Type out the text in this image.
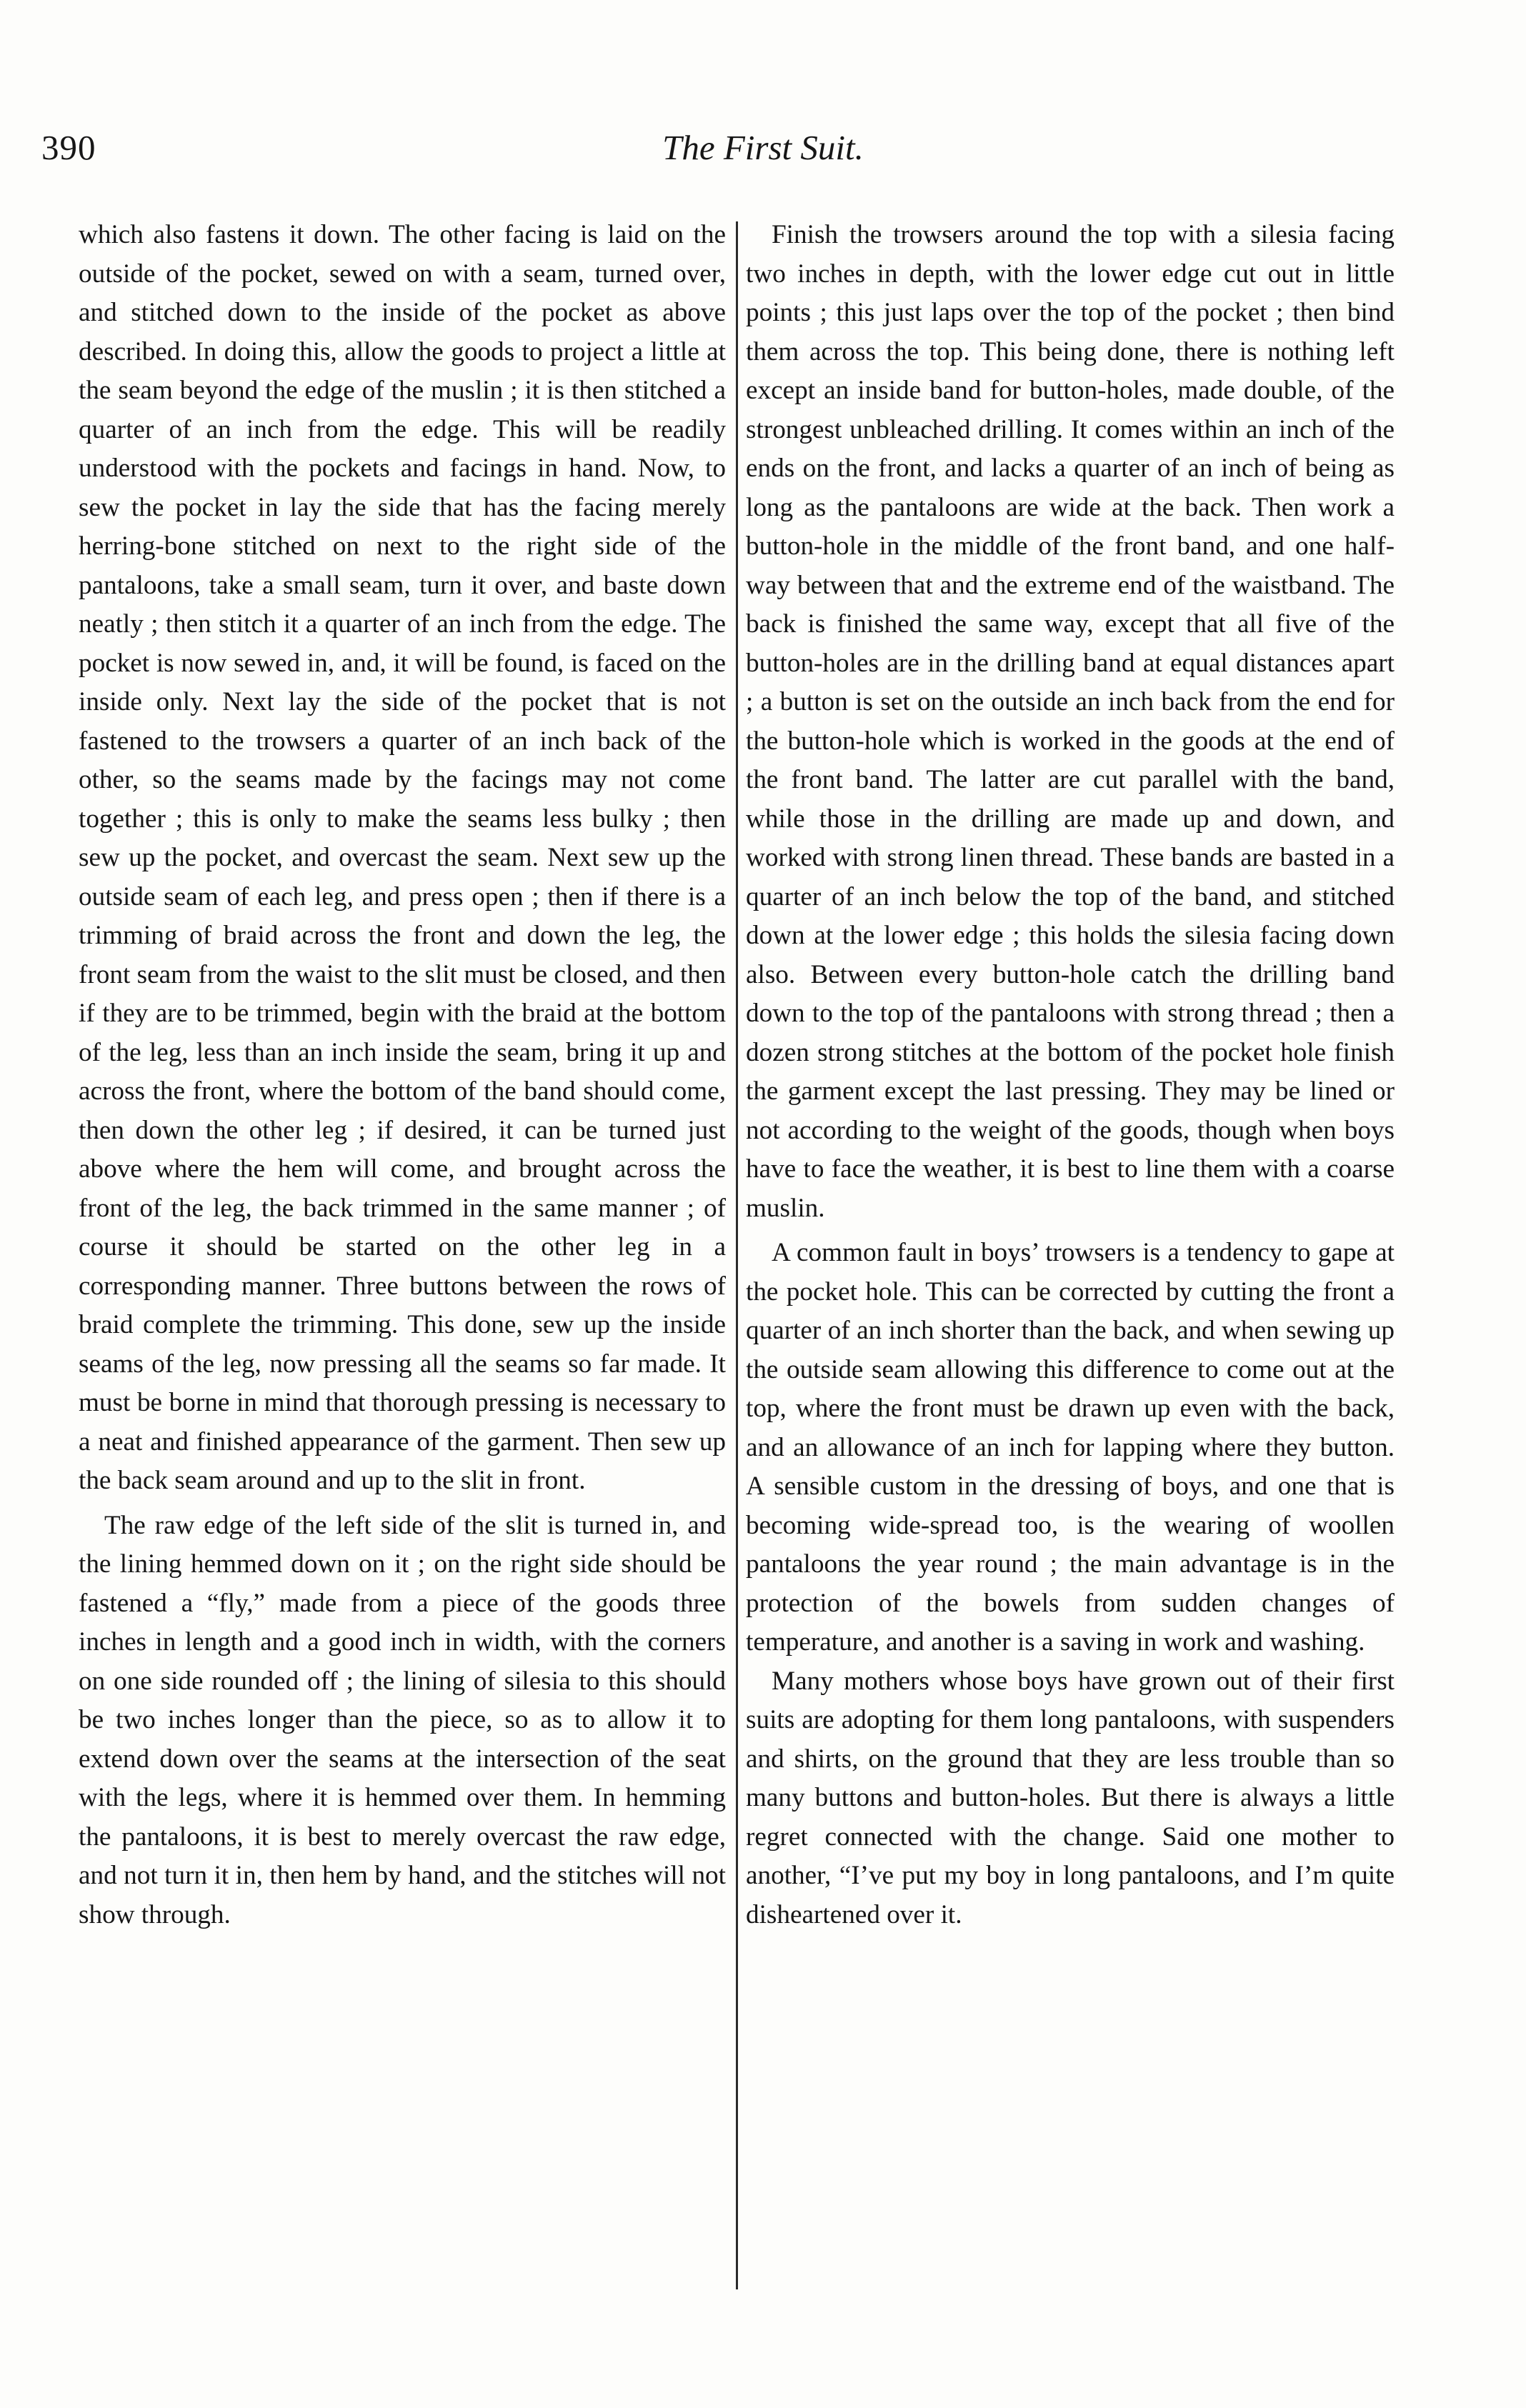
390	The First Suit.

which also fastens it down. The other facing is laid on the outside of the pocket, sewed on with a seam, turned over, and stitched down to the inside of the pocket as above described. In doing this, allow the goods to project a little at the seam beyond the edge of the muslin ; it is then stitched a quarter of an inch from the edge. This will be readily understood with the pockets and facings in hand. Now, to sew the pocket in lay the side that has the facing merely herring-bone stitched on next to the right side of the pantaloons, take a small seam, turn it over, and baste down neatly ; then stitch it a quarter of an inch from the edge. The pocket is now sewed in, and, it will be found, is faced on the inside only. Next lay the side of the pocket that is not fastened to the trowsers a quarter of an inch back of the other, so the seams made by the facings may not come together ; this is only to make the seams less bulky ; then sew up the pocket, and overcast the seam. Next sew up the outside seam of each leg, and press open ; then if there is a trimming of braid across the front and down the leg, the front seam from the waist to the slit must be closed, and then if they are to be trimmed, begin with the braid at the bottom of the leg, less than an inch inside the seam, bring it up and across the front, where the bottom of the band should come, then down the other leg ; if desired, it can be turned just above where the hem will come, and brought across the front of the leg, the back trimmed in the same manner ; of course it should be started on the other leg in a corresponding manner. Three buttons between the rows of braid complete the trimming. This done, sew up the inside seams of the leg, now pressing all the seams so far made. It must be borne in mind that thorough pressing is necessary to a neat and finished appearance of the garment. Then sew up the back seam around and up to the slit in front.

The raw edge of the left side of the slit is turned in, and the lining hemmed down on it ; on the right side should be fastened a “fly,” made from a piece of the goods three inches in length and a good inch in width, with the corners on one side rounded off ; the lining of silesia to this should be two inches longer than the piece, so as to allow it to extend down over the seams at the intersection of the seat with the legs, where it is hemmed over them. In hemming the pantaloons, it is best to merely overcast the raw edge, and not turn it in, then hem by hand, and the stitches will not show through.

Finish the trowsers around the top with a silesia facing two inches in depth, with the lower edge cut out in little points ; this just laps over the top of the pocket ; then bind them across the top. This being done, there is nothing left except an inside band for button-holes, made double, of the strongest unbleached drilling. It comes within an inch of the ends on the front, and lacks a quarter of an inch of being as long as the pantaloons are wide at the back. Then work a button-hole in the middle of the front band, and one half-way between that and the extreme end of the waistband. The back is finished the same way, except that all five of the button-holes are in the drilling band at equal distances apart ; a button is set on the outside an inch back from the end for the button-hole which is worked in the goods at the end of the front band. The latter are cut parallel with the band, while those in the drilling are made up and down, and worked with strong linen thread. These bands are basted in a quarter of an inch below the top of the band, and stitched down at the lower edge ; this holds the silesia facing down also. Between every button-hole catch the drilling band down to the top of the pantaloons with strong thread ; then a dozen strong stitches at the bottom of the pocket hole finish the garment except the last pressing. They may be lined or not according to the weight of the goods, though when boys have to face the weather, it is best to line them with a coarse muslin.

A common fault in boys’ trowsers is a tendency to gape at the pocket hole. This can be corrected by cutting the front a quarter of an inch shorter than the back, and when sewing up the outside seam allowing this difference to come out at the top, where the front must be drawn up even with the back, and an allowance of an inch for lapping where they button. A sensible custom in the dressing of boys, and one that is becoming wide-spread too, is the wearing of woollen pantaloons the year round ; the main advantage is in the protection of the bowels from sudden changes of temperature, and another is a saving in work and washing.

Many mothers whose boys have grown out of their first suits are adopting for them long pantaloons, with suspenders and shirts, on the ground that they are less trouble than so many buttons and button-holes. But there is always a little regret connected with the change. Said one mother to another, “I’ve put my boy in long pantaloons, and I’m quite disheartened over it.
